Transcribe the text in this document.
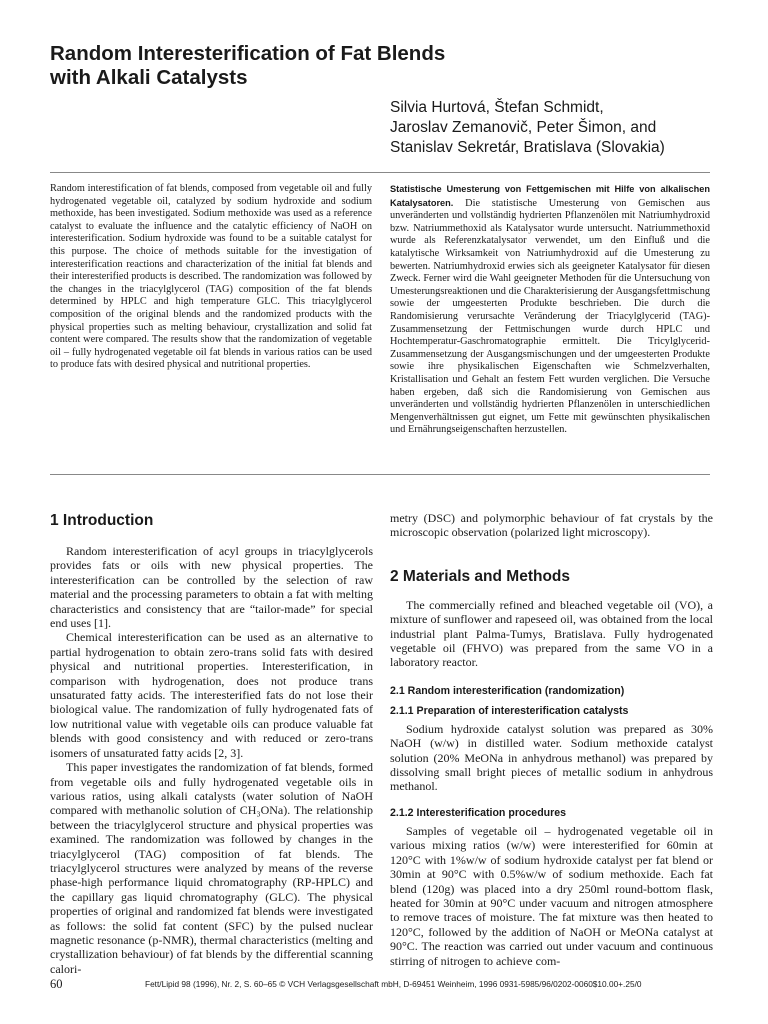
Random Interesterification of Fat Blends
with Alkali Catalysts
Silvia Hurtová, Štefan Schmidt,
Jaroslav Zemanovič, Peter Šimon, and
Stanislav Sekretár, Bratislava (Slovakia)
Random interestification of fat blends, composed from vegetable oil and fully hydrogenated vegetable oil, catalyzed by sodium hydroxide and sodium methoxide, has been investigated. Sodium methoxide was used as a reference catalyst to evaluate the influence and the catalytic efficiency of NaOH on interesterification. Sodium hydroxide was found to be a suitable catalyst for this purpose. The choice of methods suitable for the investigation of interesterification reactions and characterization of the initial fat blends and their interesterified products is described. The randomization was followed by the changes in the triacylglycerol (TAG) composition of the fat blends determined by HPLC and high temperature GLC. This triacylglycerol composition of the original blends and the randomized products with the physical properties such as melting behaviour, crystallization and solid fat content were compared. The results show that the randomization of vegetable oil – fully hydrogenated vegetable oil fat blends in various ratios can be used to produce fats with desired physical and nutritional properties.
Statistische Umesterung von Fettgemischen mit Hilfe von alkalischen Katalysatoren. Die statistische Umesterung von Gemischen aus unveränderten und vollständig hydrierten Pflanzenölen mit Natriumhydroxid bzw. Natriummethoxid als Katalysator wurde untersucht. Natriummethoxid wurde als Referenzkatalysator verwendet, um den Einfluß und die katalytische Wirksamkeit von Natriumhydroxid auf die Umesterung zu bewerten. Natriumhydroxid erwies sich als geeigneter Katalysator für diesen Zweck. Ferner wird die Wahl geeigneter Methoden für die Untersuchung von Umesterungsreaktionen und die Charakterisierung der Ausgangsfettmischung sowie der umgeesterten Produkte beschrieben. Die durch die Randomisierung verursachte Veränderung der Triacylglycerid (TAG)-Zusammensetzung der Fettmischungen wurde durch HPLC und Hochtemperatur-Gaschromatographie ermittelt. Die Tricylglycerid-Zusammensetzung der Ausgangsmischungen und der umgeesterten Produkte sowie ihre physikalischen Eigenschaften wie Schmelzverhalten, Kristallisation und Gehalt an festem Fett wurden verglichen. Die Versuche haben ergeben, daß sich die Randomisierung von Gemischen aus unveränderten und vollständig hydrierten Pflanzenölen in unterschiedlichen Mengenverhältnissen gut eignet, um Fette mit gewünschten physikalischen und Ernährungseigenschaften herzustellen.
1 Introduction

Random interesterification of acyl groups in triacylglycerols provides fats or oils with new physical properties. The interesterification can be controlled by the selection of raw material and the processing parameters to obtain a fat with melting characteristics and consistency that are “tailor-made” for special end uses [1].

Chemical interesterification can be used as an alternative to partial hydrogenation to obtain zero-trans solid fats with desired physical and nutritional properties. Interesterification, in comparison with hydrogenation, does not produce trans unsaturated fatty acids. The interesterified fats do not lose their biological value. The randomization of fully hydrogenated fats of low nutritional value with vegetable oils can produce valuable fat blends with good consistency and with reduced or zero-trans isomers of unsaturated fatty acids [2, 3].

This paper investigates the randomization of fat blends, formed from vegetable oils and fully hydrogenated vegetable oils in various ratios, using alkali catalysts (water solution of NaOH compared with methanolic solution of CH₃ONa). The relationship between the triacylglycerol structure and physical properties was examined. The randomization was followed by changes in the triacylglycerol (TAG) composition of fat blends. The triacylglycerol structures were analyzed by means of the reverse phase-high performance liquid chromatography (RP-HPLC) and the capillary gas liquid chromatography (GLC). The physical properties of original and randomized fat blends were investigated as follows: the solid fat content (SFC) by the pulsed nuclear magnetic resonance (p-NMR), thermal characteristics (melting and crystallization behaviour) of fat blends by the differential scanning calori-

metry (DSC) and polymorphic behaviour of fat crystals by the microscopic observation (polarized light microscopy).

2 Materials and Methods

The commercially refined and bleached vegetable oil (VO), a mixture of sunflower and rapeseed oil, was obtained from the local industrial plant Palma-Tumys, Bratislava. Fully hydrogenated vegetable oil (FHVO) was prepared from the same VO in a laboratory reactor.

2.1 Random interesterification (randomization)
2.1.1 Preparation of interesterification catalysts

Sodium hydroxide catalyst solution was prepared as 30% NaOH (w/w) in distilled water. Sodium methoxide catalyst solution (20% MeONa in anhydrous methanol) was prepared by dissolving small bright pieces of metallic sodium in anhydrous methanol.

2.1.2 Interesterification procedures

Samples of vegetable oil – hydrogenated vegetable oil in various mixing ratios (w/w) were interesterified for 60min at 120°C with 1%w/w of sodium hydroxide catalyst per fat blend or 30min at 90°C with 0.5%w/w of sodium methoxide. Each fat blend (120g) was placed into a dry 250ml round-bottom flask, heated for 30min at 90°C under vacuum and nitrogen atmosphere to remove traces of moisture. The fat mixture was then heated to 120°C, followed by the addition of NaOH or MeONa catalyst at 90°C. The reaction was carried out under vacuum and continuous stirring of nitrogen to achieve com-

60	Fett/Lipid 98 (1996), Nr. 2, S. 60–65 © VCH Verlagsgesellschaft mbH, D-69451 Weinheim, 1996 0931-5985/96/0202-0060$10.00+.25/0
